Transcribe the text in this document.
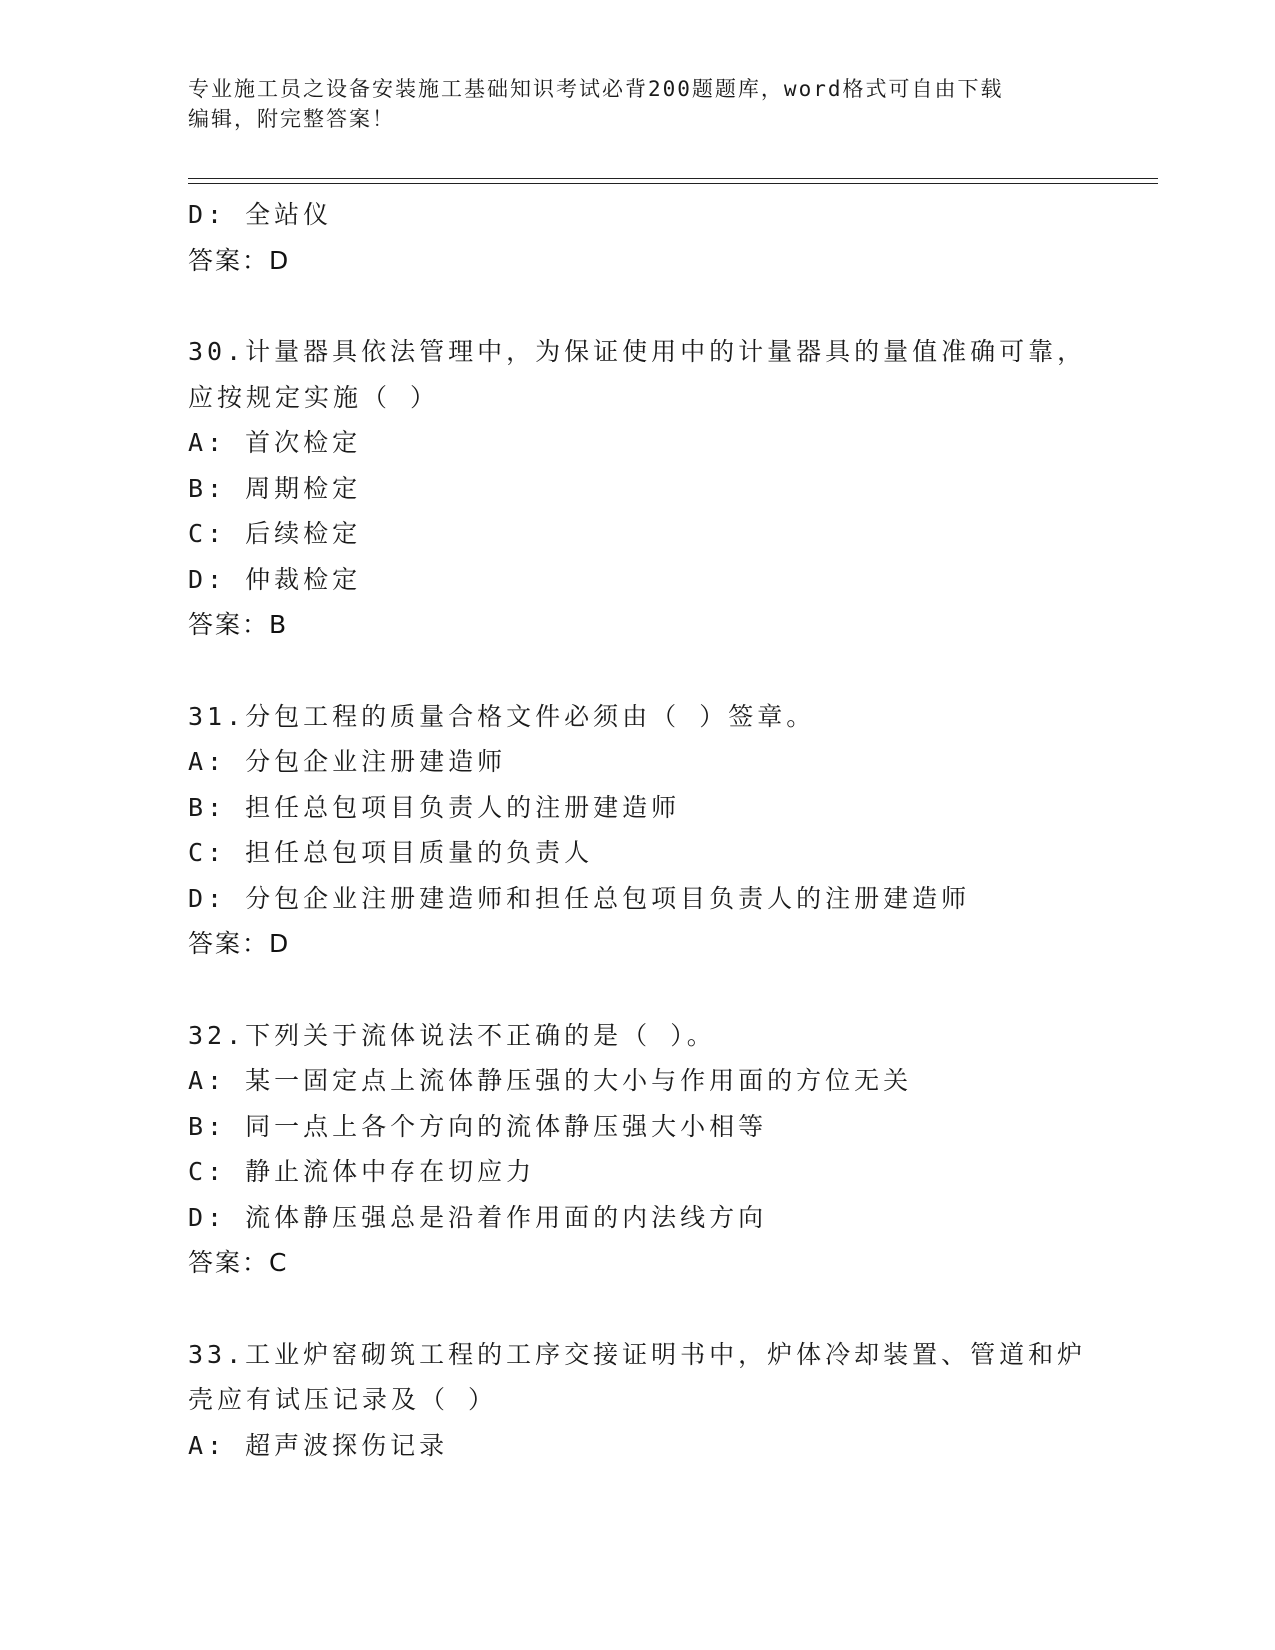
专业施工员之设备安装施工基础知识考试必背200题题库，word格式可自由下载
编辑，附完整答案！
D: 全站仪
答案：D
30.计量器具依法管理中，为保证使用中的计量器具的量值准确可靠，
应按规定实施（ ）
A: 首次检定
B: 周期检定
C: 后续检定
D: 仲裁检定
答案：B
31.分包工程的质量合格文件必须由（ ）签章。
A: 分包企业注册建造师
B: 担任总包项目负责人的注册建造师
C: 担任总包项目质量的负责人
D: 分包企业注册建造师和担任总包项目负责人的注册建造师
答案：D
32.下列关于流体说法不正确的是（ ）。
A: 某一固定点上流体静压强的大小与作用面的方位无关
B: 同一点上各个方向的流体静压强大小相等
C: 静止流体中存在切应力
D: 流体静压强总是沿着作用面的内法线方向
答案：C
33.工业炉窑砌筑工程的工序交接证明书中，炉体冷却装置、管道和炉
壳应有试压记录及（ ）
A: 超声波探伤记录
